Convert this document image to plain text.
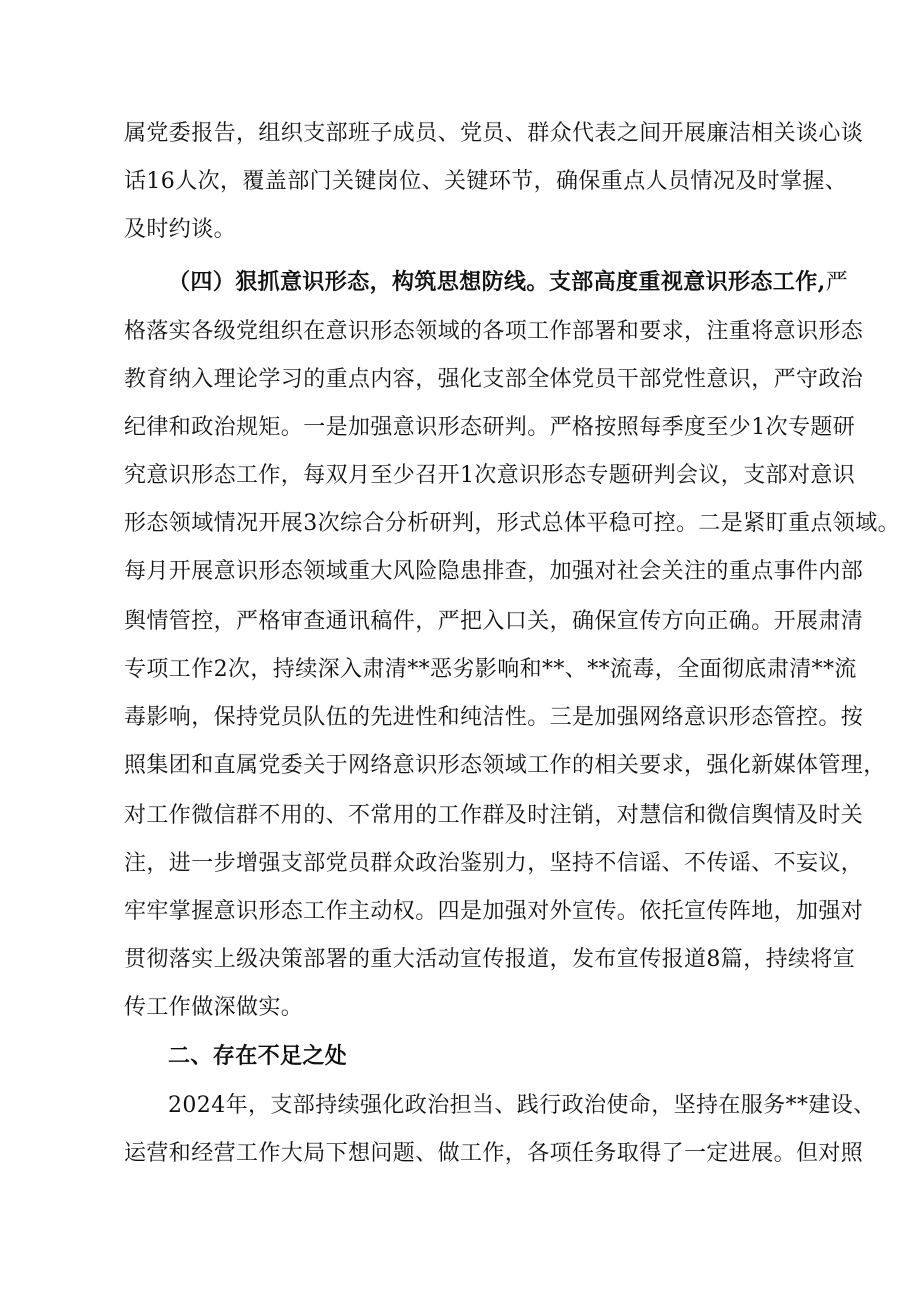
属党委报告，组织支部班子成员、党员、群众代表之间开展廉洁相关谈心谈
话16人次，覆盖部门关键岗位、关键环节，确保重点人员情况及时掌握、
及时约谈。
（四）狠抓意识形态，构筑思想防线。支部高度重视意识形态工作,严
格落实各级党组织在意识形态领域的各项工作部署和要求，注重将意识形态
教育纳入理论学习的重点内容，强化支部全体党员干部党性意识，严守政治
纪律和政治规矩。一是加强意识形态研判。严格按照每季度至少1次专题研
究意识形态工作，每双月至少召开1次意识形态专题研判会议，支部对意识
形态领域情况开展3次综合分析研判，形式总体平稳可控。二是紧盯重点领域。
每月开展意识形态领域重大风险隐患排查，加强对社会关注的重点事件内部
舆情管控，严格审查通讯稿件，严把入口关，确保宣传方向正确。开展肃清
专项工作2次，持续深入肃清**恶劣影响和**、**流毒，全面彻底肃清**流
毒影响，保持党员队伍的先进性和纯洁性。三是加强网络意识形态管控。按
照集团和直属党委关于网络意识形态领域工作的相关要求，强化新媒体管理，
对工作微信群不用的、不常用的工作群及时注销，对慧信和微信舆情及时关
注，进一步增强支部党员群众政治鉴别力，坚持不信谣、不传谣、不妄议，
牢牢掌握意识形态工作主动权。四是加强对外宣传。依托宣传阵地，加强对
贯彻落实上级决策部署的重大活动宣传报道，发布宣传报道8篇，持续将宣
传工作做深做实。
二、存在不足之处
2024年，支部持续强化政治担当、践行政治使命，坚持在服务**建设、
运营和经营工作大局下想问题、做工作，各项任务取得了一定进展。但对照
